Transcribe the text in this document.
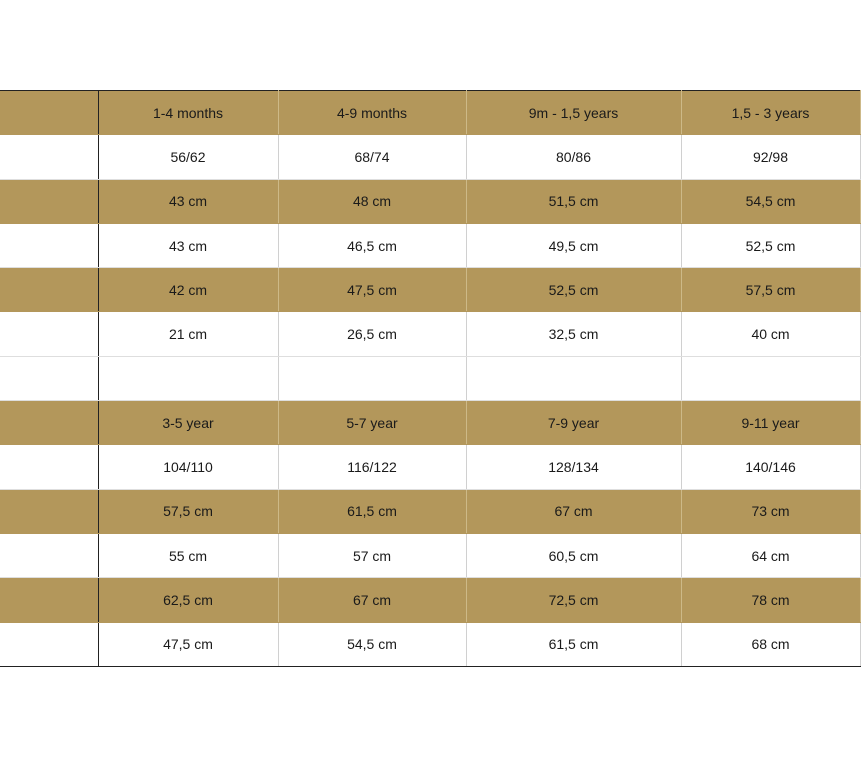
	1-4 months	4-9 months	9m - 1,5 years	1,5 - 3 years
	56/62	68/74	80/86	92/98
	43 cm	48 cm	51,5 cm	54,5 cm
	43 cm	46,5 cm	49,5 cm	52,5 cm
	42 cm	47,5 cm	52,5 cm	57,5 cm
	21 cm	26,5 cm	32,5 cm	40 cm

	3-5 year	5-7 year	7-9 year	9-11 year
	104/110	116/122	128/134	140/146
	57,5 cm	61,5 cm	67 cm	73 cm
	55 cm	57 cm	60,5 cm	64 cm
	62,5 cm	67 cm	72,5 cm	78 cm
	47,5 cm	54,5 cm	61,5 cm	68 cm
